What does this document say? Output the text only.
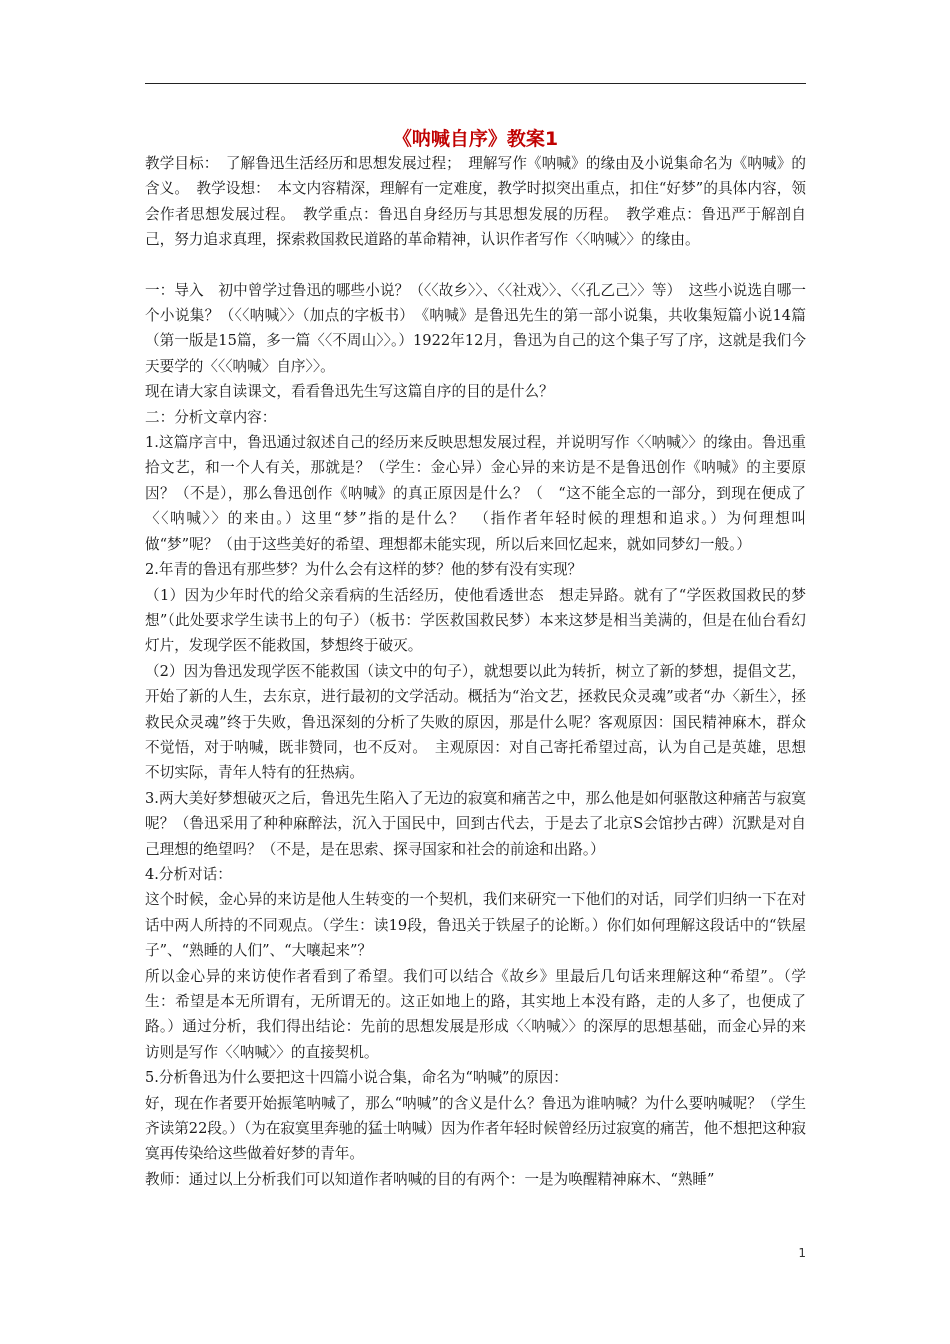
《呐喊自序》教案1

教学目标：　了解鲁迅生活经历和思想发展过程；　理解写作《呐喊》的缘由及小说集命名为《呐喊》的含义。　教学设想：　本文内容精深，理解有一定难度，教学时拟突出重点，扣住“好梦”的具体内容，领会作者思想发展过程。　教学重点：鲁迅自身经历与其思想发展的历程。　教学难点：鲁迅严于解剖自己，努力追求真理，探索救国救民道路的革命精神，认识作者写作〈〈呐喊〉〉的缘由。

一：导入　初中曾学过鲁迅的哪些小说？（〈〈故乡〉〉、〈〈社戏〉〉、〈〈孔乙己〉〉等）　这些小说选自哪一个小说集？（〈〈呐喊〉〉（加点的字板书）　《呐喊》是鲁迅先生的第一部小说集，共收集短篇小说14篇（第一版是15篇，多一篇〈〈不周山〉〉。）1922年12月，鲁迅为自己的这个集子写了序，这就是我们今天要学的〈〈〈呐喊〉自序〉〉。

现在请大家自读课文，看看鲁迅先生写这篇自序的目的是什么？

二：分析文章内容：

1.这篇序言中，鲁迅通过叙述自己的经历来反映思想发展过程，并说明写作〈〈呐喊〉〉的缘由。鲁迅重拾文艺，和一个人有关，那就是？（学生：金心异）金心异的来访是不是鲁迅创作《呐喊》的主要原因？（不是），那么鲁迅创作《呐喊》的真正原因是什么？（　“这不能全忘的一部分，到现在便成了〈〈呐喊〉〉的来由。）这里“梦”指的是什么？　（指作者年轻时候的理想和追求。）为何理想叫做“梦”呢？（由于这些美好的希望、理想都未能实现，所以后来回忆起来，就如同梦幻一般。）

2.年青的鲁迅有那些梦？为什么会有这样的梦？他的梦有没有实现？

（1）因为少年时代的给父亲看病的生活经历，使他看透世态　想走异路。就有了“学医救国救民的梦想”（此处要求学生读书上的句子）（板书：学医救国救民梦）本来这梦是相当美满的，但是在仙台看幻灯片，发现学医不能救国，梦想终于破灭。

（2）因为鲁迅发现学医不能救国（读文中的句子），就想要以此为转折，树立了新的梦想，提倡文艺，开始了新的人生，去东京，进行最初的文学活动。概括为“治文艺，拯救民众灵魂”或者“办〈新生〉，拯救民众灵魂”终于失败，鲁迅深刻的分析了失败的原因，那是什么呢？客观原因：国民精神麻木，群众不觉悟，对于呐喊，既非赞同，也不反对。　主观原因：对自己寄托希望过高，认为自己是英雄，思想不切实际，青年人特有的狂热病。

3.两大美好梦想破灭之后，鲁迅先生陷入了无边的寂寞和痛苦之中，那么他是如何驱散这种痛苦与寂寞呢？（鲁迅采用了种种麻醉法，沉入于国民中，回到古代去，于是去了北京S会馆抄古碑）沉默是对自己理想的绝望吗？（不是，是在思索、探寻国家和社会的前途和出路。）

4.分析对话：

这个时候，金心异的来访是他人生转变的一个契机，我们来研究一下他们的对话，同学们归纳一下在对话中两人所持的不同观点。（学生：读19段，鲁迅关于铁屋子的论断。）你们如何理解这段话中的“铁屋子”、“熟睡的人们”、“大嚷起来”？

所以金心异的来访使作者看到了希望。我们可以结合《故乡》里最后几句话来理解这种“希望”。（学生：希望是本无所谓有，无所谓无的。这正如地上的路，其实地上本没有路，走的人多了，也便成了路。）通过分析，我们得出结论：先前的思想发展是形成〈〈呐喊〉〉的深厚的思想基础，而金心异的来访则是写作〈〈呐喊〉〉的直接契机。

5.分析鲁迅为什么要把这十四篇小说合集，命名为“呐喊”的原因：

好，现在作者要开始振笔呐喊了，那么“呐喊”的含义是什么？鲁迅为谁呐喊？为什么要呐喊呢？（学生齐读第22段。）（为在寂寞里奔驰的猛士呐喊）因为作者年轻时候曾经历过寂寞的痛苦，他不想把这种寂寞再传染给这些做着好梦的青年。

教师：通过以上分析我们可以知道作者呐喊的目的有两个：一是为唤醒精神麻木、“熟睡”

1
